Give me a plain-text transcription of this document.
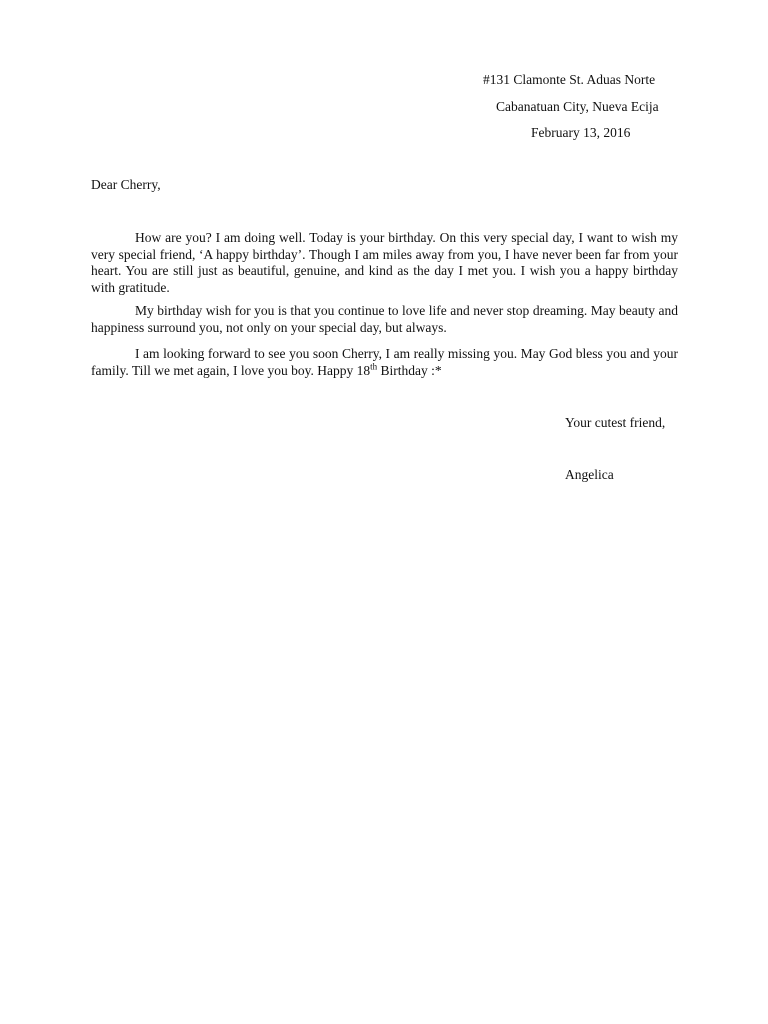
#131 Clamonte St. Aduas Norte
Cabanatuan City, Nueva Ecija
February 13, 2016
Dear Cherry,

How are you? I am doing well. Today is your birthday. On this very special day, I want to wish my very special friend, ‘A happy birthday’. Though I am miles away from you, I have never been far from your heart. You are still just as beautiful, genuine, and kind as the day I met you. I wish you a happy birthday with gratitude.

My birthday wish for you is that you continue to love life and never stop dreaming. May beauty and happiness surround you, not only on your special day, but always.

I am looking forward to see you soon Cherry, I am really missing you. May God bless you and your family. Till we met again, I love you boy. Happy 18th Birthday :*

Your cutest friend,
Angelica
